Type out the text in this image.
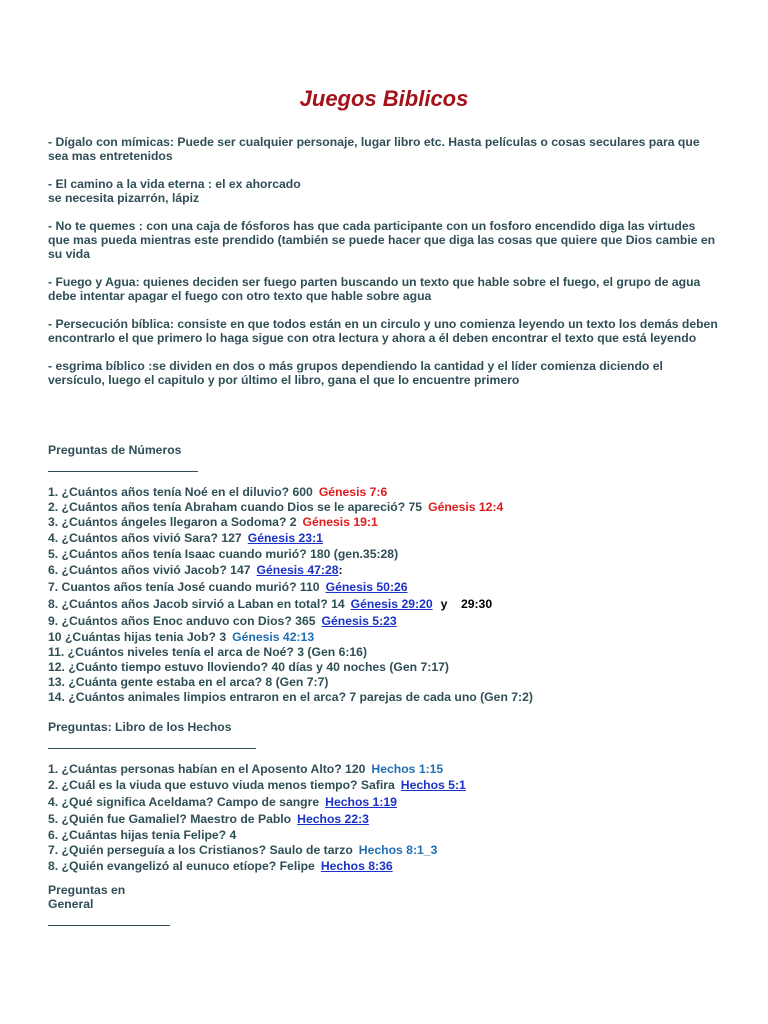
Juegos Biblicos
- Dígalo con mímicas: Puede ser cualquier personaje, lugar libro etc. Hasta películas o cosas seculares para que sea mas entretenidos
- El camino a la vida eterna : el ex ahorcado
se necesita pizarrón, lápiz
- No te quemes : con una caja de fósforos has que cada participante con un fosforo encendido diga las virtudes que mas pueda mientras este prendido (también se puede hacer que diga las cosas que quiere que Dios cambie en su vida
- Fuego y Agua: quienes deciden ser fuego parten buscando un texto que hable sobre el fuego, el grupo de agua debe intentar apagar el fuego con otro texto que hable sobre agua
- Persecución bíblica: consiste en que todos están en un circulo y uno comienza leyendo un texto los demás deben encontrarlo el que primero lo haga sigue con otra lectura y ahora a él deben encontrar el texto que está leyendo
- esgrima bíblico :se dividen en dos o más grupos dependiendo la cantidad y el líder comienza diciendo el versículo, luego el capitulo y por último el libro, gana el que lo encuentre primero
Preguntas de Números
1. ¿Cuántos años tenía Noé en el diluvio? 600 Génesis 7:6
2. ¿Cuántos años tenía Abraham cuando Dios se le apareció? 75 Génesis 12:4
3. ¿Cuántos ángeles llegaron a Sodoma? 2 Génesis 19:1
4. ¿Cuántos años vivió Sara? 127 Génesis 23:1
5. ¿Cuántos años tenía Isaac cuando murió? 180 (gen.35:28)
6. ¿Cuántos años vivió Jacob? 147 Génesis 47:28:
7. Cuantos años tenía José cuando murió? 110 Génesis 50:26
8. ¿Cuántos años Jacob sirvió a Laban en total? 14 Génesis 29:20 y    29:30
9. ¿Cuántos años Enoc anduvo con Dios? 365 Génesis 5:23
10 ¿Cuántas hijas tenia Job? 3 Génesis 42:13
11. ¿Cuántos niveles tenía el arca de Noé? 3 (Gen 6:16)
12. ¿Cuánto tiempo estuvo lloviendo? 40 días y 40 noches (Gen 7:17)
13. ¿Cuánta gente estaba en el arca? 8 (Gen 7:7)
14. ¿Cuántos animales limpios entraron en el arca? 7 parejas de cada uno (Gen 7:2)
Preguntas: Libro de los Hechos
1. ¿Cuántas personas habían en el Aposento Alto? 120 Hechos 1:15
2. ¿Cuál es la viuda que estuvo viuda menos tiempo? Safira Hechos 5:1
4. ¿Qué significa Aceldama? Campo de sangre Hechos 1:19
5. ¿Quién fue Gamaliel? Maestro de Pablo Hechos 22:3
6. ¿Cuántas hijas tenia Felipe? 4
7. ¿Quién perseguía a los Cristianos? Saulo de tarzo Hechos 8:1_3
8. ¿Quién evangelizó al eunuco etíope? Felipe Hechos 8:36
Preguntas en General
